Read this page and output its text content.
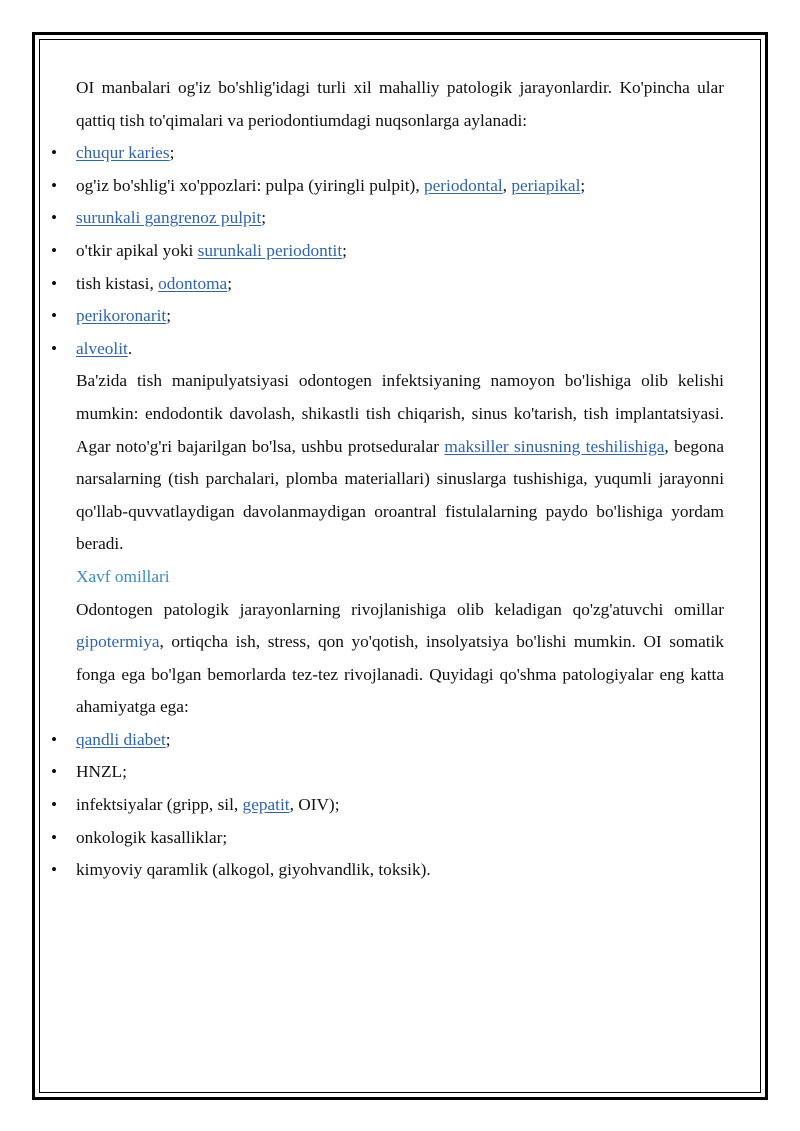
OI manbalari og'iz bo'shlig'idagi turli xil mahalliy patologik jarayonlardir. Ko'pincha ular qattiq tish to'qimalari va periodontiumdagi nuqsonlarga aylanadi:

• chuqur karies;
• og'iz bo'shlig'i xo'ppozlari: pulpa (yiringli pulpit), periodontal, periapikal;
• surunkali gangrenoz pulpit;
• o'tkir apikal yoki surunkali periodontit;
• tish kistasi, odontoma;
• perikoronarit;
• alveolit.

Ba'zida tish manipulyatsiyasi odontogen infektsiyaning namoyon bo'lishiga olib kelishi mumkin: endodontik davolash, shikastli tish chiqarish, sinus ko'tarish, tish implantatsiyasi. Agar noto'g'ri bajarilgan bo'lsa, ushbu protseduralar maksiller sinusning teshilishiga, begona narsalarning (tish parchalari, plomba materiallari) sinuslarga tushishiga, yuqumli jarayonni qo'llab-quvvatlaydigan davolanmaydigan oroantral fistulalarning paydo bo'lishiga yordam beradi.

Xavf omillari

Odontogen patologik jarayonlarning rivojlanishiga olib keladigan qo'zg'atuvchi omillar gipotermiya, ortiqcha ish, stress, qon yo'qotish, insolyatsiya bo'lishi mumkin. OI somatik fonga ega bo'lgan bemorlarda tez-tez rivojlanadi. Quyidagi qo'shma patologiyalar eng katta ahamiyatga ega:

• qandli diabet;
• HNZL;
• infektsiyalar (gripp, sil, gepatit, OIV);
• onkologik kasalliklar;
• kimyoviy qaramlik (alkogol, giyohvandlik, toksik).
